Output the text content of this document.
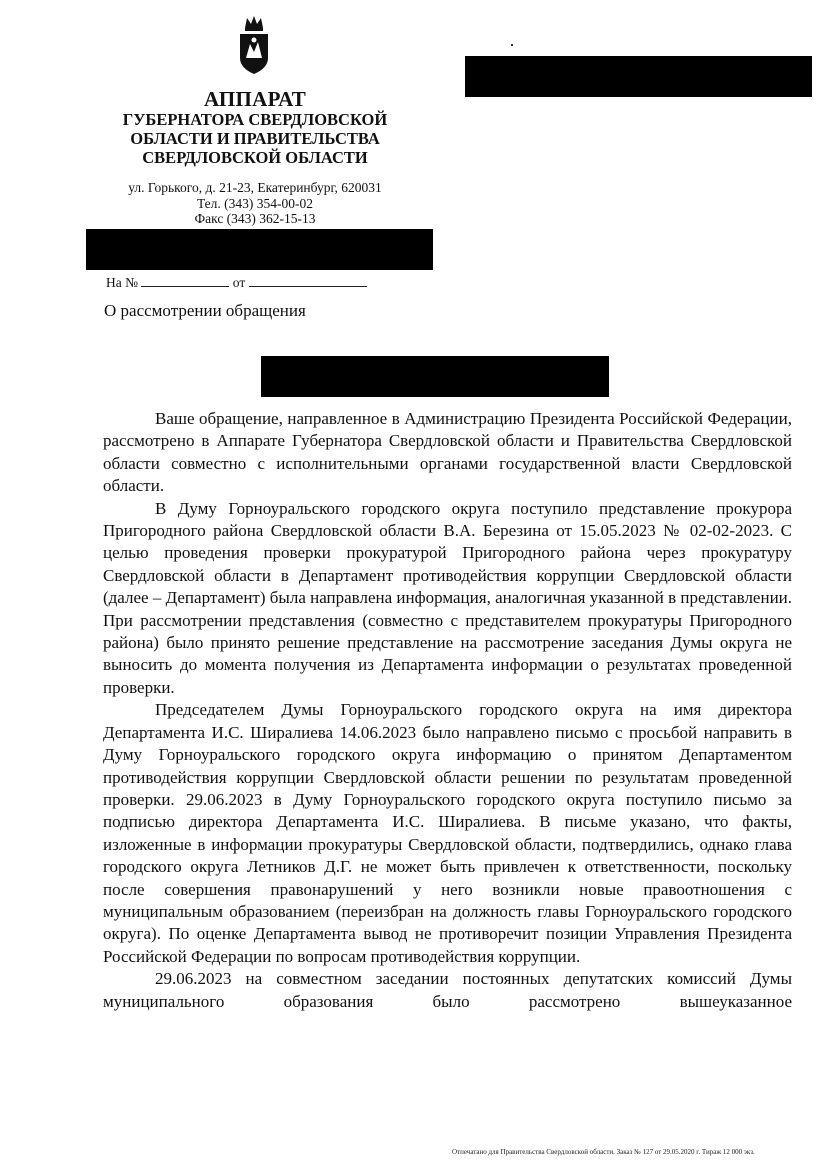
АППАРАТ
ГУБЕРНАТОРА СВЕРДЛОВСКОЙ
ОБЛАСТИ И ПРАВИТЕЛЬСТВА
СВЕРДЛОВСКОЙ ОБЛАСТИ
ул. Горького, д. 21-23, Екатеринбург, 620031
Тел. (343) 354-00-02
Факс (343) 362-15-13
На №	от
О рассмотрении обращения

Ваше обращение, направленное в Администрацию Президента Российской Федерации, рассмотрено в Аппарате Губернатора Свердловской области и Правительства Свердловской области совместно с исполнительными органами государственной власти Свердловской области.

В Думу Горноуральского городского округа поступило представление прокурора Пригородного района Свердловской области В.А. Березина от 15.05.2023 № 02-02-2023. С целью проведения проверки прокуратурой Пригородного района через прокуратуру Свердловской области в Департамент противодействия коррупции Свердловской области (далее – Департамент) была направлена информация, аналогичная указанной в представлении. При рассмотрении представления (совместно с представителем прокуратуры Пригородного района) было принято решение представление на рассмотрение заседания Думы округа не выносить до момента получения из Департамента информации о результатах проведенной проверки.

Председателем Думы Горноуральского городского округа на имя директора Департамента И.С. Ширалиева 14.06.2023 было направлено письмо с просьбой направить в Думу Горноуральского городского округа информацию о принятом Департаментом противодействия коррупции Свердловской области решении по результатам проведенной проверки. 29.06.2023 в Думу Горноуральского городского округа поступило письмо за подписью директора Департамента И.С. Ширалиева. В письме указано, что факты, изложенные в информации прокуратуры Свердловской области, подтвердились, однако глава городского округа Летников Д.Г. не может быть привлечен к ответственности, поскольку после совершения правонарушений у него возникли новые правоотношения с муниципальным образованием (переизбран на должность главы Горноуральского городского округа). По оценке Департамента вывод не противоречит позиции Управления Президента Российской Федерации по вопросам противодействия коррупции.

29.06.2023 на совместном заседании постоянных депутатских комиссий Думы муниципального образования было рассмотрено вышеуказанное

Отпечатано для Правительства Свердловской области. Заказ № 127 от 29.05.2020 г. Тираж 12 000 экз.
